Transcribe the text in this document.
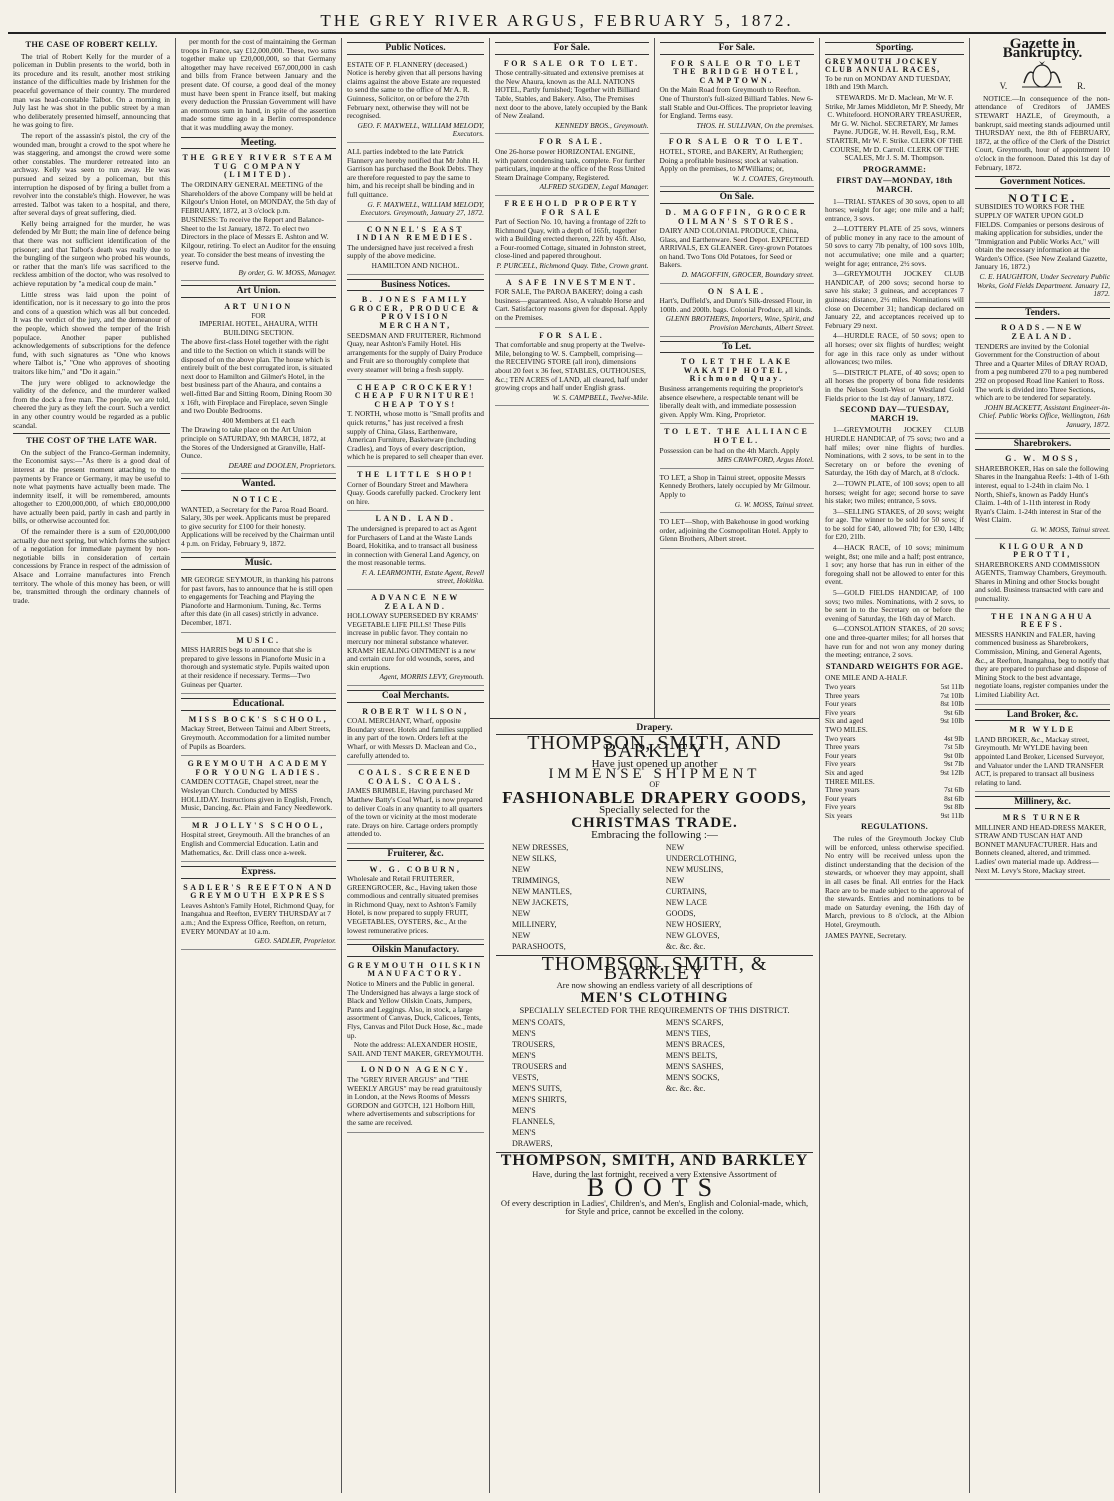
THE GREY RIVER ARGUS, FEBRUARY 5, 1872.
THE CASE OF ROBERT KELLY.

The trial of Robert Kelly for the murder of a policeman in Dublin presents to the world, both in its procedure and its result, another most striking instance of the difficulties made by Irishmen for the peaceful governance of their country. The murdered man was head-constable Talbot. On a morning in July last he was shot in the public street by a man who deliberately presented himself, announcing that he was going to fire.

The report of the assassin's pistol, the cry of the wounded man, brought a crowd to the spot where he was staggering, and amongst the crowd were some other constables. The murderer retreated into an archway. Kelly was seen to run away. He was pursued and seized by a policeman, but this interruption he disposed of by firing a bullet from a revolver into the constable's thigh. However, he was arrested. Talbot was taken to a hospital, and there, after several days of great suffering, died.

Kelly being arraigned for the murder, he was defended by Mr Butt; the main line of defence being that there was not sufficient identification of the prisoner; and that Talbot's death was really due to the bungling of the surgeon who probed his wounds, or rather that the man's life was sacrificed to the reckless ambition of the doctor, who was resolved to achieve reputation by "a medical coup de main."

Little stress was laid upon the point of identification, nor is it necessary to go into the pros and cons of a question which was all but conceded. It was the verdict of the jury, and the demeanour of the people, which showed the temper of the Irish populace. Another paper published acknowledgements of subscriptions for the defence fund, with such signatures as "One who knows where Talbot is," "One who approves of shooting traitors like him," and "Do it again."

The jury were obliged to acknowledge the validity of the defence, and the murderer walked from the dock a free man. The people, we are told, cheered the jury as they left the court. Such a verdict in any other country would be regarded as a public scandal.

THE COST OF THE LATE WAR.

On the subject of the Franco-German indemnity, the Economist says:—"As there is a good deal of interest at the present moment attaching to the payments by France or Germany, it may be useful to note what payments have actually been made. The indemnity itself, it will be remembered, amounts altogether to £200,000,000, of which £80,000,000 have actually been paid, partly in cash and partly in bills, or otherwise accounted for.

Of the remainder there is a sum of £20,000,000 actually due next spring, but which forms the subject of a negotiation for immediate payment by non-negotiable bills in consideration of certain concessions by France in respect of the admission of Alsace and Lorraine manufactures into French territory. The whole of this money has been, or will be, transmitted through the ordinary channels of trade.

per month for the cost of maintaining the German troops in France, say £12,000,000. These, two sums together make up £20,000,000, so that Germany altogether may have received £67,000,000 in cash and bills from France between January and the present date. Of course, a good deal of the money must have been spent in France itself, but making every deduction the Prussian Government will have an enormous sum in hand, in spite of the assertion made some time ago in a Berlin correspondence that it was muddling away the money.

Meeting.
THE GREY RIVER STEAM TUG COMPANY (LIMITED).
The ORDINARY GENERAL MEETING of the Shareholders of the above Company will be held at Kilgour's Union Hotel, on MONDAY, the 5th day of FEBRUARY, 1872, at 3 o'clock p.m.
BUSINESS: To receive the Report and Balance-Sheet to the 1st January, 1872. To elect two Directors in the place of Messrs E. Ashton and W. Kilgour, retiring. To elect an Auditor for the ensuing year. To consider the best means of investing the reserve fund.
By order, G. W. MOSS, Manager.
Art Union.
ART UNION
FOR
IMPERIAL HOTEL, AHAURA, WITH BUILDING SECTION.
The above first-class Hotel together with the right and title to the Section on which it stands will be disposed of on the above plan. The house which is entirely built of the best corrugated iron, is situated next door to Hamilton and Gilmer's Hotel, in the best business part of the Ahaura, and contains a well-fitted Bar and Sitting Room, Dining Room 30 x 16ft, with Fireplace and Fireplace, seven Single and two Double Bedrooms.
400 Members at £1 each
The Drawing to take place on the Art Union principle on SATURDAY, 9th MARCH, 1872, at the Stores of the Undersigned at Granville, Half-Ounce.
DEARE and DOOLEN, Proprietors.
Wanted.
NOTICE.
WANTED, a Secretary for the Paroa Road Board. Salary, 30s per week. Applicants must be prepared to give security for £100 for their honesty. Applications will be received by the Chairman until 4 p.m. on Friday, February 9, 1872.
Music.
MR GEORGE SEYMOUR, in thanking his patrons for past favors, has to announce that he is still open to engagements for Teaching and Playing the Pianoforte and Harmonium. Tuning, &c. Terms after this date (in all cases) strictly in advance. December, 1871.
MUSIC.
MISS HARRIS begs to announce that she is prepared to give lessons in Pianoforte Music in a thorough and systematic style. Pupils waited upon at their residence if necessary. Terms—Two Guineas per Quarter.
Educational.
MISS BOCK'S SCHOOL,
Mackay Street, Between Tainui and Albert Streets, Greymouth. Accommodation for a limited number of Pupils as Boarders.
GREYMOUTH ACADEMY FOR YOUNG LADIES.
CAMDEN COTTAGE, Chapel street, near the Wesleyan Church. Conducted by MISS HOLLIDAY. Instructions given in English, French, Music, Dancing, &c. Plain and Fancy Needlework.
MR JOLLY'S SCHOOL,
Hospital street, Greymouth. All the branches of an English and Commercial Education. Latin and Mathematics, &c. Drill class once a-week.
Express.
SADLER'S REEFTON AND GREYMOUTH EXPRESS
Leaves Ashton's Family Hotel, Richmond Quay, for Inangahua and Reefton, EVERY THURSDAY at 7 a.m.; And the Express Office, Reefton, on return, EVERY MONDAY at 10 a.m.
GEO. SADLER, Proprietor.
Public Notices.
ESTATE OF P. FLANNERY (deceased.) Notice is hereby given that all persons having claims against the above Estate are requested to send the same to the office of Mr A. R. Guinness, Solicitor, on or before the 27th February next, otherwise they will not be recognised.
GEO. F. MAXWELL, WILLIAM MELODY, Executors.
ALL parties indebted to the late Patrick Flannery are hereby notified that Mr John H. Garrison has purchased the Book Debts. They are therefore requested to pay the same to him, and his receipt shall be binding and in full quittance.
G. F. MAXWELL, WILLIAM MELODY, Executors. Greymouth, January 27, 1872.
CONNEL'S EAST INDIAN REMEDIES.
The undersigned have just received a fresh supply of the above medicine.
HAMILTON AND NICHOL.
Business Notices.
B. JONES FAMILY GROCER, PRODUCE & PROVISION MERCHANT,
SEEDSMAN AND FRUITERER, Richmond Quay, near Ashton's Family Hotel. His arrangements for the supply of Dairy Produce and Fruit are so thoroughly complete that every steamer will bring a fresh supply.
CHEAP CROCKERY! CHEAP FURNITURE! CHEAP TOYS!
T. NORTH, whose motto is "Small profits and quick returns," has just received a fresh supply of China, Glass, Earthenware, American Furniture, Basketware (including Cradles), and Toys of every description, which he is prepared to sell cheaper than ever.
THE LITTLE SHOP!
Corner of Boundary Street and Mawhera Quay. Goods carefully packed. Crockery lent on hire.
LAND. LAND.
The undersigned is prepared to act as Agent for Purchasers of Land at the Waste Lands Board, Hokitika, and to transact all business in connection with General Land Agency, on the most reasonable terms.
F. A. LEARMONTH, Estate Agent, Revell street, Hokitika.
ADVANCE NEW ZEALAND.
HOLLOWAY SUPERSEDED BY KRAMS' VEGETABLE LIFE PILLS! These Pills increase in public favor. They contain no mercury nor mineral substance whatever. KRAMS' HEALING OINTMENT is a new and certain cure for old wounds, sores, and skin eruptions.
Agent, MORRIS LEVY, Greymouth.
Coal Merchants.
ROBERT WILSON,
COAL MERCHANT, Wharf, opposite Boundary street. Hotels and families supplied in any part of the town. Orders left at the Wharf, or with Messrs D. Maclean and Co., carefully attended to.
COALS. SCREENED COALS. COALS.
JAMES BRIMBLE, Having purchased Mr Matthew Batty's Coal Wharf, is now prepared to deliver Coals in any quantity to all quarters of the town or vicinity at the most moderate rate. Drays on hire. Cartage orders promptly attended to.
Fruiterer, &c.
W. G. COBURN,
Wholesale and Retail FRUITERER, GREENGROCER, &c., Having taken those commodious and centrally situated premises in Richmond Quay, next to Ashton's Family Hotel, is now prepared to supply FRUIT, VEGETABLES, OYSTERS, &c., At the lowest remunerative prices.
Oilskin Manufactory.
GREYMOUTH OILSKIN MANUFACTORY.
Notice to Miners and the Public in general. The Undersigned has always a large stock of Black and Yellow Oilskin Coats, Jumpers, Pants and Leggings. Also, in stock, a large assortment of Canvas, Duck, Calicoes, Tents, Flys, Canvas and Pilot Duck Hose, &c., made up.
Note the address: ALEXANDER HOSIE, SAIL AND TENT MAKER, GREYMOUTH.
LONDON AGENCY.
The "GREY RIVER ARGUS" and "THE WEEKLY ARGUS" may be read gratuitously in London, at the News Rooms of Messrs GORDON and GOTCH, 121 Holborn Hill, where advertisements and subscriptions for the same are received.
For Sale.
FOR SALE OR TO LET.
Those centrally-situated and extensive premises at the New Ahaura, known as the ALL NATIONS HOTEL, Partly furnished; Together with Billiard Table, Stables, and Bakery. Also, The Premises next door to the above, lately occupied by the Bank of New Zealand.
KENNEDY BROS., Greymouth.
FOR SALE.
One 26-horse power HORIZONTAL ENGINE, with patent condensing tank, complete. For further particulars, inquire at the office of the Ross United Steam Drainage Company, Registered.
ALFRED SUGDEN, Legal Manager.
FREEHOLD PROPERTY FOR SALE
Part of Section No. 10, having a frontage of 22ft to Richmond Quay, with a depth of 165ft, together with a Building erected thereon, 22ft by 45ft. Also, a Four-roomed Cottage, situated in Johnston street, close-lined and papered throughout.
P. PURCELL, Richmond Quay. Tithe, Crown grant.
A SAFE INVESTMENT.
FOR SALE, The PAROA BAKERY; doing a cash business—guaranteed. Also, A valuable Horse and Cart. Satisfactory reasons given for disposal. Apply on the Premises.
FOR SALE.
That comfortable and snug property at the Twelve-Mile, belonging to W. S. Campbell, comprising—the RECEIVING STORE (all iron), dimensions about 20 feet x 36 feet, STABLES, OUTHOUSES, &c.; TEN ACRES of LAND, all cleared, half under growing crops and half under English grass.
W. S. CAMPBELL, Twelve-Mile.
For Sale.
FOR SALE OR TO LET THE BRIDGE HOTEL, CAMPTOWN.
On the Main Road from Greymouth to Reefton. One of Thurston's full-sized Billiard Tables. New 6-stall Stable and Out-Offices. The proprietor leaving for England. Terms easy.
THOS. H. SULLIVAN, On the premises.
FOR SALE OR TO LET.
HOTEL, STORE, and BAKERY, At Ruthergien; Doing a profitable business; stock at valuation. Apply on the premises, to M'Williams; or,
W. J. COATES, Greymouth.
On Sale.
D. MAGOFFIN, GROCER OILMAN'S STORES.
DAIRY AND COLONIAL PRODUCE, China, Glass, and Earthenware. Seed Depot. EXPECTED ARRIVALS, EX GLEANER. Grey-grown Potatoes on hand. Two Tons Old Potatoes, for Seed or Bakers.
D. MAGOFFIN, GROCER, Boundary street.
ON SALE.
Hart's, Duffield's, and Dunn's Silk-dressed Flour, in 100lb. and 200lb. bags. Colonial Produce, all kinds.
GLENN BROTHERS, Importers, Wine, Spirit, and Provision Merchants, Albert Street.
To Let.
TO LET THE LAKE WAKATIP HOTEL, Richmond Quay.
Business arrangements requiring the proprietor's absence elsewhere, a respectable tenant will be liberally dealt with, and immediate possession given. Apply Wm. King, Proprietor.
TO LET. THE ALLIANCE HOTEL.
Possession can be had on the 4th March. Apply
MRS CRAWFORD, Argus Hotel.
TO LET, a Shop in Tainui street, opposite Messrs Kennedy Brothers, lately occupied by Mr Gilmour. Apply to
G. W. MOSS, Tainui street.
TO LET—Shop, with Bakehouse in good working order, adjoining the Cosmopolitan Hotel. Apply to Glenn Brothers, Albert street.
Drapery.
THOMPSON, SMITH, AND BARKLEY
Have just opened up another
IMMENSE SHIPMENT
OF
FASHIONABLE DRAPERY GOODS,
Specially selected for the
CHRISTMAS TRADE.
Embracing the following :—
NEW DRESSES,
NEW SILKS,
NEW TRIMMINGS,
NEW MANTLES,
NEW JACKETS,
NEW MILLINERY,
NEW PARASHOOTS,
NEW UNDERCLOTHING,
NEW MUSLINS,
NEW CURTAINS,
NEW LACE GOODS,
NEW HOSIERY,
NEW GLOVES,
&c. &c. &c.
THOMPSON, SMITH, & BARKLEY
Are now showing an endless variety of all descriptions of
MEN'S CLOTHING
SPECIALLY SELECTED FOR THE REQUIREMENTS OF THIS DISTRICT.
MEN'S COATS,
MEN'S TROUSERS,
MEN'S TROUSERS and VESTS,
MEN'S SUITS,
MEN'S SHIRTS,
MEN'S FLANNELS,
MEN'S DRAWERS,
MEN'S SCARFS,
MEN'S TIES,
MEN'S BRACES,
MEN'S BELTS,
MEN'S SASHES,
MEN'S SOCKS,
&c. &c. &c.
THOMPSON, SMITH, AND BARKLEY
Have, during the last fortnight, received a very Extensive Assortment of
BOOTS
Of every description in Ladies', Children's, and Men's, English and Colonial-made, which, for Style and price, cannot be excelled in the colony.
Sporting.
GREYMOUTH JOCKEY CLUB ANNUAL RACES,
To be run on MONDAY AND TUESDAY, 18th and 19th March.
STEWARDS. Mr D. Maclean, Mr W. F. Strike, Mr James Middleton, Mr P. Sheedy, Mr C. Whitefoord. HONORARY TREASURER, Mr G. W. Nichol. SECRETARY, Mr James Payne. JUDGE, W. H. Revell, Esq., R.M. STARTER, Mr W. F. Strike. CLERK OF THE COURSE, Mr D. Carroll. CLERK OF THE SCALES, Mr J. S. M. Thompson.
PROGRAMME:
FIRST DAY—MONDAY, 18th MARCH.

1—TRIAL STAKES of 30 sovs, open to all horses; weight for age; one mile and a half; entrance, 3 sovs.

2—LOTTERY PLATE of 25 sovs, winners of public money in any race to the amount of 50 sovs to carry 7lb penalty, of 100 sovs 10lb, not accumulative; one mile and a quarter; weight for age; entrance, 2½ sovs.

3—GREYMOUTH JOCKEY CLUB HANDICAP, of 200 sovs; second horse to save his stake; 3 guineas, and acceptances 7 guineas; distance, 2½ miles. Nominations will close on December 31; handicap declared on January 22, and acceptances received up to February 29 next.

4—HURDLE RACE, of 50 sovs; open to all horses; over six flights of hurdles; weight for age in this race only as under without allowances; two miles.

5—DISTRICT PLATE, of 40 sovs; open to all horses the property of bona fide residents in the Nelson South-West or Westland Gold Fields prior to the 1st day of January, 1872.

SECOND DAY—TUESDAY, MARCH 19.

1—GREYMOUTH JOCKEY CLUB HURDLE HANDICAP, of 75 sovs; two and a half miles; over nine flights of hurdles. Nominations, with 2 sovs, to be sent in to the Secretary on or before the evening of Saturday, the 16th day of March, at 8 o'clock.

2—TOWN PLATE, of 100 sovs; open to all horses; weight for age; second horse to save his stake; two miles; entrance, 5 sovs.

3—SELLING STAKES, of 20 sovs; weight for age. The winner to be sold for 50 sovs; if to be sold for £40, allowed 7lb; for £30, 14lb; for £20, 21lb.

4—HACK RACE, of 10 sovs; minimum weight, 8st; one mile and a half; post entrance, 1 sov; any horse that has run in either of the foregoing shall not be allowed to enter for this event.

5—GOLD FIELDS HANDICAP, of 100 sovs; two miles. Nominations, with 2 sovs, to be sent in to the Secretary on or before the evening of Saturday, the 16th day of March.

6—CONSOLATION STAKES, of 20 sovs; one and three-quarter miles; for all horses that have run for and not won any money during the meeting; entrance, 2 sovs.

STANDARD WEIGHTS FOR AGE.
ONE MILE AND A-HALF.
Two years	5st 11lb
Three years	7st 10lb
Four years	8st 10lb
Five years	9st 6lb
Six and aged	9st 10lb
TWO MILES.
Two years	4st 9lb
Three years	7st 5lb
Four years	9st 0lb
Five years	9st 7lb
Six and aged	9st 12lb
THREE MILES.
Three years	7st 6lb
Four years	8st 6lb
Five years	9st 8lb
Six years	9st 11lb
REGULATIONS.

The rules of the Greymouth Jockey Club will be enforced, unless otherwise specified. No entry will be received unless upon the distinct understanding that the decision of the stewards, or whoever they may appoint, shall in all cases be final. All entries for the Hack Race are to be made subject to the approval of the stewards. Entries and nominations to be made on Saturday evening, the 16th day of March, previous to 8 o'clock, at the Albion Hotel, Greymouth.

JAMES PAYNE, Secretary.
Gazette in Bankruptcy.
V.	R.

NOTICE.—In consequence of the non-attendance of Creditors of JAMES STEWART HAZLE, of Greymouth, a bankrupt, said meeting stands adjourned until THURSDAY next, the 8th of FEBRUARY, 1872, at the office of the Clerk of the District Court, Greymouth, hour of appointment 10 o'clock in the forenoon. Dated this 1st day of February, 1872.

Government Notices.
NOTICE.
SUBSIDIES TO WORKS FOR THE SUPPLY OF WATER UPON GOLD FIELDS. Companies or persons desirous of making application for subsidies, under the "Immigration and Public Works Act," will obtain the necessary information at the Warden's Office. (See New Zealand Gazette, January 16, 1872.)
C. E. HAUGHTON, Under Secretary Public Works, Gold Fields Department. January 12, 1872.
Tenders.
ROADS.—NEW ZEALAND.
TENDERS are invited by the Colonial Government for the Construction of about Three and a Quarter Miles of DRAY ROAD, from a peg numbered 270 to a peg numbered 292 on proposed Road line Kanieri to Ross. The work is divided into Three Sections, which are to be tendered for separately.
JOHN BLACKETT, Assistant Engineer-in-Chief. Public Works Office, Wellington, 16th January, 1872.
Sharebrokers.
G. W. MOSS,
SHAREBROKER, Has on sale the following Shares in the Inangahua Reefs: 1-4th of 1-6th interest, equal to 1-24th in claim No. 1 North, Shiel's, known as Paddy Hunt's Claim. 1-4th of 1-11th interest in Rody Ryan's Claim. 1-24th interest in Star of the West Claim.
G. W. MOSS, Tainui street.
KILGOUR AND PEROTTI,
SHAREBROKERS AND COMMISSION AGENTS, Tramway Chambers, Greymouth. Shares in Mining and other Stocks bought and sold. Business transacted with care and punctuality.
THE INANGAHUA REEFS.
MESSRS HANKIN and FALER, having commenced business as Sharebrokers, Commission, Mining, and General Agents, &c., at Reefton, Inangahua, beg to notify that they are prepared to purchase and dispose of Mining Stock to the best advantage, negotiate loans, register companies under the Limited Liability Act.
Land Broker, &c.
MR WYLDE
LAND BROKER, &c., Mackay street, Greymouth. Mr WYLDE having been appointed Land Broker, Licensed Surveyor, and Valuator under the LAND TRANSFER ACT, is prepared to transact all business relating to land.
Millinery, &c.
MRS TURNER
MILLINER AND HEAD-DRESS MAKER, STRAW AND TUSCAN HAT AND BONNET MANUFACTURER. Hats and Bonnets cleaned, altered, and trimmed. Ladies' own material made up. Address—Next M. Levy's Store, Mackay street.
